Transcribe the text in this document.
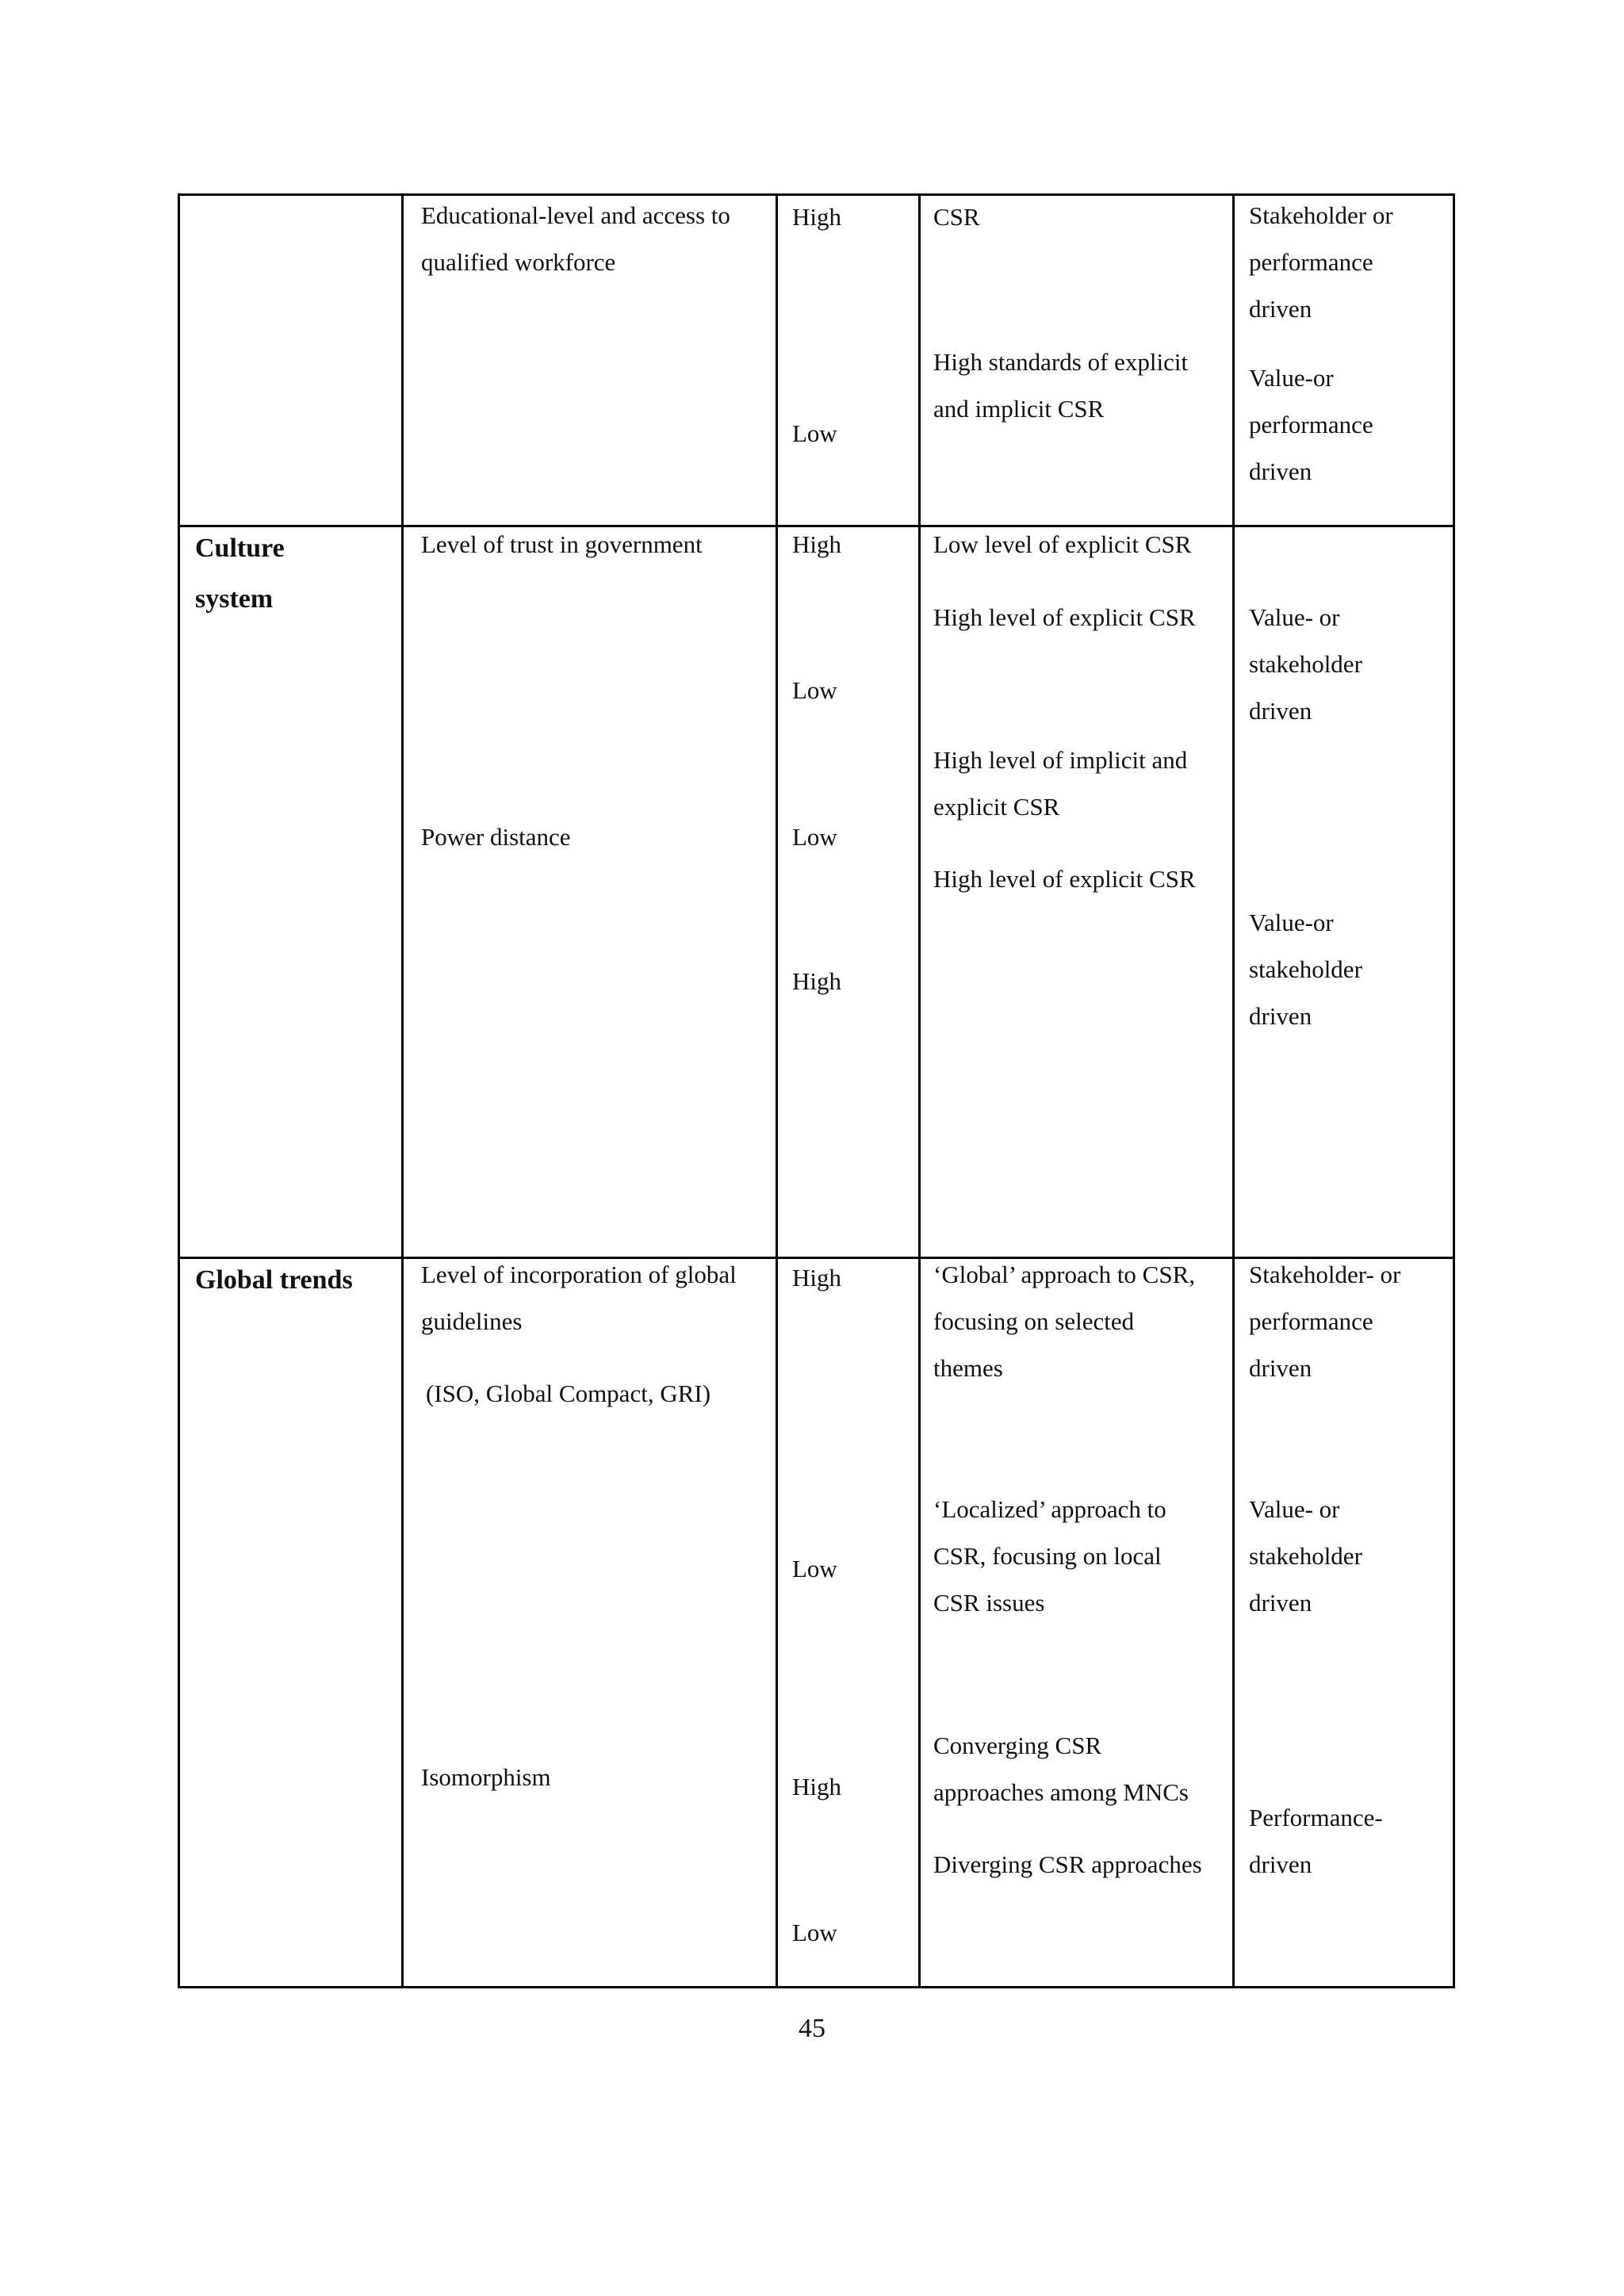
Educational-level and access to
qualified workforce
High
Low
CSR
High standards of explicit
and implicit CSR
Stakeholder or
performance
driven
Value-or
performance
driven
Culture
system
Level of trust in government
Power distance
High
Low
Low
High
Low level of explicit CSR
High level of explicit CSR
High level of implicit and
explicit CSR
High level of explicit CSR
Value- or
stakeholder
driven
Value-or
stakeholder
driven
Global trends	Level of incorporation of global
guidelines
(ISO, Global Compact, GRI)
Isomorphism
High
Low
High
Low
‘Global’ approach to CSR,
focusing on selected
themes
‘Localized’ approach to
CSR, focusing on local
CSR issues
Converging CSR
approaches among MNCs
Diverging CSR approaches
Stakeholder- or
performance
driven
Value- or
stakeholder
driven
Performance-
driven
45
